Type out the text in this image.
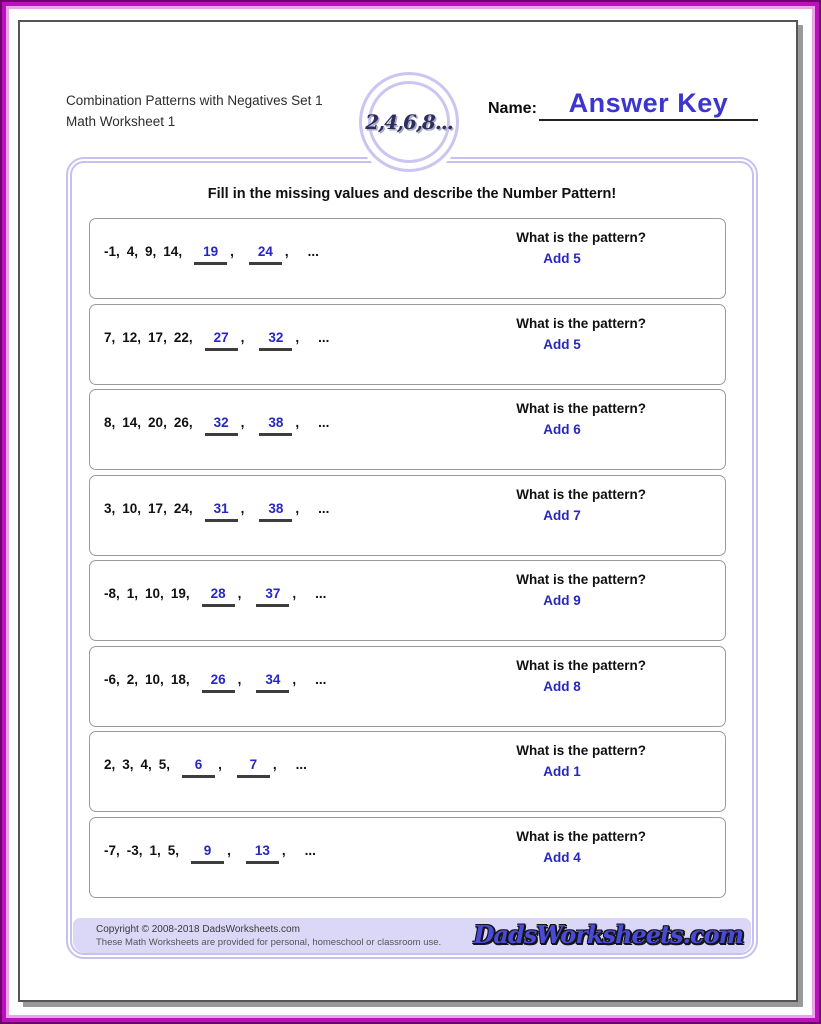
Combination Patterns with Negatives Set 1
Math Worksheet 1
Name:	Answer Key
Fill in the missing values and describe the Number Pattern!
-1, 4, 9, 14, 19 , 24 , ...
What is the pattern?
Add 5
7, 12, 17, 22, 27 , 32 , ...
What is the pattern?
Add 5
8, 14, 20, 26, 32 , 38 , ...
What is the pattern?
Add 6
3, 10, 17, 24, 31 , 38 , ...
What is the pattern?
Add 7
-8, 1, 10, 19, 28 , 37 , ...
What is the pattern?
Add 9
-6, 2, 10, 18, 26 , 34 , ...
What is the pattern?
Add 8
2, 3, 4, 5, 6 , 7 , ...
What is the pattern?
Add 1
-7, -3, 1, 5, 9 , 13 , ...
What is the pattern?
Add 4
Copyright © 2008-2018 DadsWorksheets.com
These Math Worksheets are provided for personal, homeschool or classroom use. DadsWorksheets.com
2,4,6,8...
